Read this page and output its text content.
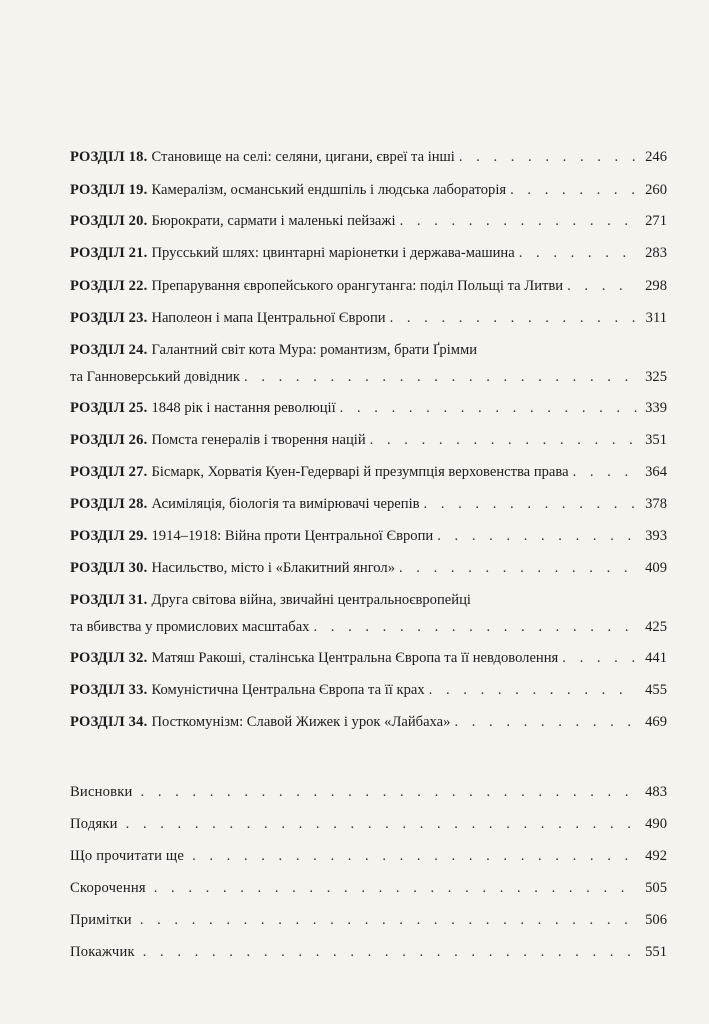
РОЗДІЛ 18. Становище на селі: селяни, цигани, євреї та інші . . .	246
РОЗДІЛ 19. Камералізм, османський ендшпіль і людська лабораторія . . .	260
РОЗДІЛ 20. Бюрократи, сармати і маленькі пейзажі . . .	271
РОЗДІЛ 21. Прусський шлях: цвинтарні маріонетки і держава-машина . . .	283
РОЗДІЛ 22. Препарування європейського орангутанга: поділ Польщі та Литви . . .	298
РОЗДІЛ 23. Наполеон і мапа Центральної Європи . . .	311
РОЗДІЛ 24. Галантний світ кота Мура: романтизм, брати Ґрімми
та Ганноверський довідник . . .	325
РОЗДІЛ 25. 1848 рік і настання революції . . .	339
РОЗДІЛ 26. Помста генералів і творення націй . . .	351
РОЗДІЛ 27. Бісмарк, Хорватія Куен-Гедерварі й презумпція верховенства права . . .	364
РОЗДІЛ 28. Асиміляція, біологія та вимірювачі черепів . . .	378
РОЗДІЛ 29. 1914–1918: Війна проти Центральної Європи . . .	393
РОЗДІЛ 30. Насильство, місто і «Блакитний янгол» . . .	409
РОЗДІЛ 31. Друга світова війна, звичайні центральноєвропейці
та вбивства у промислових масштабах . . .	425
РОЗДІЛ 32. Матяш Ракоші, сталінська Центральна Європа та її невдоволення . . .	441
РОЗДІЛ 33. Комуністична Центральна Європа та її крах . . .	455
РОЗДІЛ 34. Посткомунізм: Славой Жижек і урок «Лайбаха» . . .	469
Висновки . . .	483
Подяки . . .	490
Що прочитати ще . . .	492
Скорочення . . .	505
Примітки . . .	506
Покажчик . . .	551
